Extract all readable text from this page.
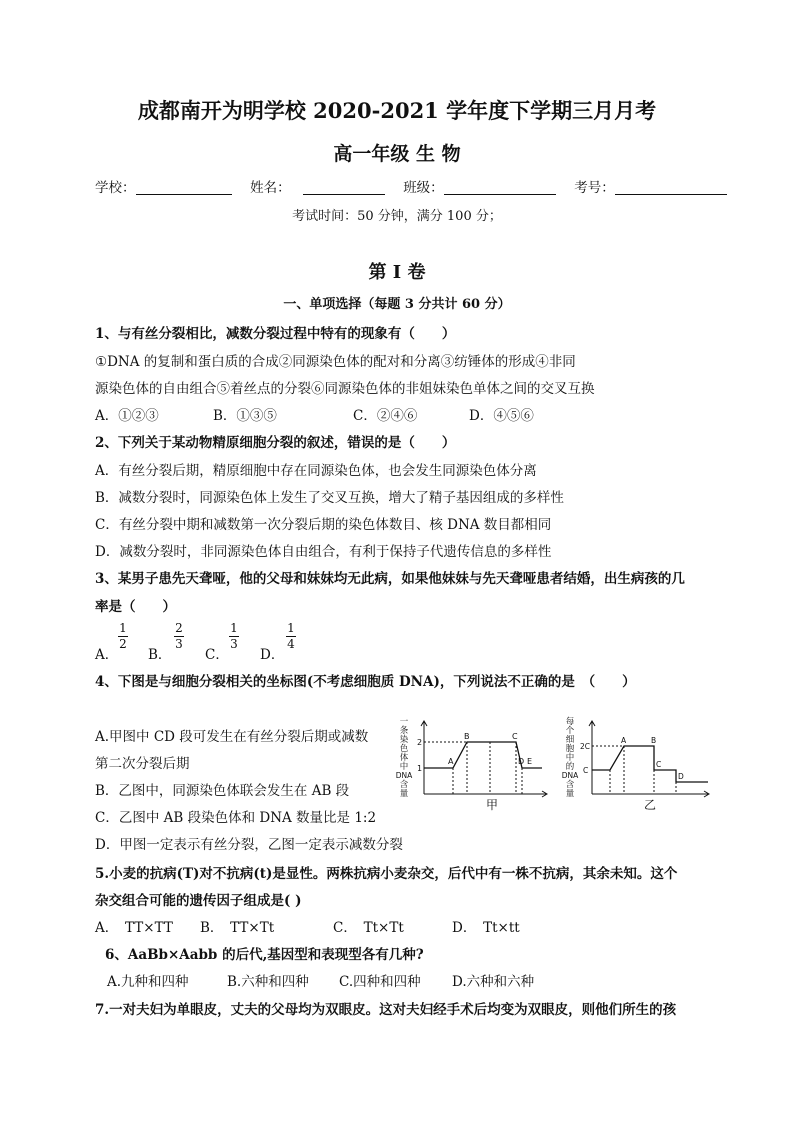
成都南开为明学校 2020-2021 学年度下学期三月月考
高一年级 生 物
学校：	姓名：	班级：	考号：
考试时间：50 分钟，满分 100 分；
第 I 卷
一、单项选择（每题 3 分共计 60 分）
1、与有丝分裂相比，减数分裂过程中特有的现象有（　　）
①DNA 的复制和蛋白质的合成②同源染色体的配对和分离③纺锤体的形成④非同
源染色体的自由组合⑤着丝点的分裂⑥同源染色体的非姐妹染色单体之间的交叉互换
A．①②③	B．①③⑤	C．②④⑥	D．④⑤⑥
2、下列关于某动物精原细胞分裂的叙述，错误的是（　　）
A．有丝分裂后期，精原细胞中存在同源染色体，也会发生同源染色体分离
B．减数分裂时，同源染色体上发生了交叉互换，增大了精子基因组成的多样性
C．有丝分裂中期和减数第一次分裂后期的染色体数目、核 DNA 数目都相同
D．减数分裂时，非同源染色体自由组合，有利于保持子代遗传信息的多样性
3、某男子患先天聋哑，他的父母和妹妹均无此病，如果他妹妹与先天聋哑患者结婚，出生病孩的几
率是（　　）
A．
1
2
B．
2
3
C．
1
3
D．
1
4
4、下图是与细胞分裂相关的坐标图(不考虑细胞质 DNA)，下列说法不正确的是　（　　）
A.甲图中 CD 段可发生在有丝分裂后期或减数
第二次分裂后期
B．乙图中，同源染色体联会发生在 AB 段
C．乙图中 AB 段染色体和 DNA 数量比是 1:2
D．甲图一定表示有丝分裂，乙图一定表示减数分裂
一
条
染
色
体
中
DNA
含
量
2
1
A
B	C
D E
甲
每
个
细
胞
中
的
DNA
含
量
2C
C
A	B
C
D
乙
5.小麦的抗病(T)对不抗病(t)是显性。两株抗病小麦杂交，后代中有一株不抗病，其余未知。这个
杂交组合可能的遗传因子组成是( )
A．　TT×TT B．　TT×Tt	C．　Tt×Tt	D．　Tt×tt
6、AaBb×Aabb 的后代,基因型和表现型各有几种?
A.九种和四种	B.六种和四种 C.四种和四种 D.六种和六种
7.一对夫妇为单眼皮，丈夫的父母均为双眼皮。这对夫妇经手术后均变为双眼皮，则他们所生的孩
